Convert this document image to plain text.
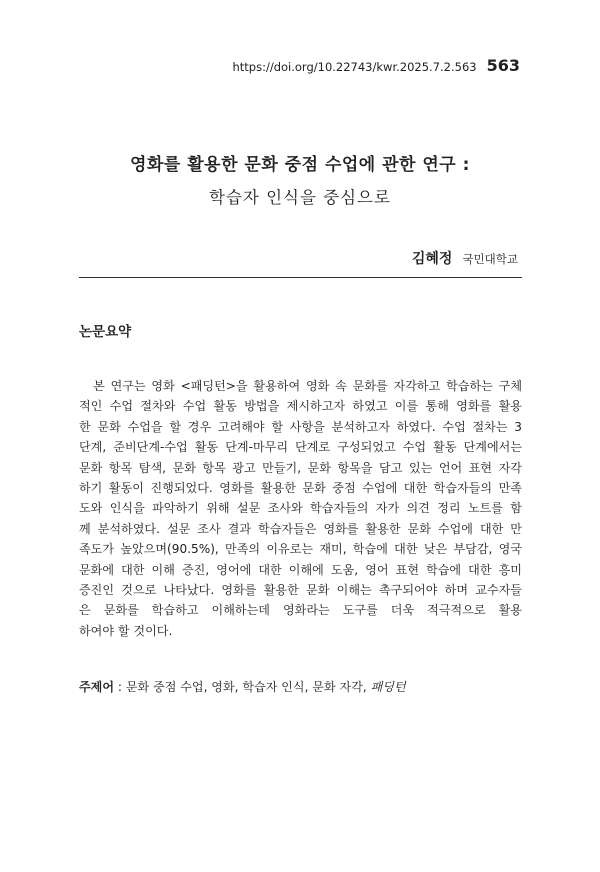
https://doi.org/10.22743/kwr.2025.7.2.563 563
영화를 활용한 문화 중점 수업에 관한 연구 :
학습자 인식을 중심으로
김혜정 국민대학교
논문요약
　본 연구는 영화 <패딩턴>을 활용하여 영화 속 문화를 자각하고 학습하는 구체
적인 수업 절차와 수업 활동 방법을 제시하고자 하였고 이를 통해 영화를 활용
한 문화 수업을 할 경우 고려해야 할 사항을 분석하고자 하였다. 수업 절차는 3
단계, 준비단계-수업 활동 단계-마무리 단계로 구성되었고 수업 활동 단계에서는
문화 항목 탐색, 문화 항목 광고 만들기, 문화 항목을 담고 있는 언어 표현 자각
하기 활동이 진행되었다. 영화를 활용한 문화 중점 수업에 대한 학습자들의 만족
도와 인식을 파악하기 위해 설문 조사와 학습자들의 자가 의견 정리 노트를 함
께 분석하였다. 설문 조사 결과 학습자들은 영화를 활용한 문화 수업에 대한 만
족도가 높았으며(90.5%), 만족의 이유로는 재미, 학습에 대한 낮은 부담감, 영국
문화에 대한 이해 증진, 영어에 대한 이해에 도움, 영어 표현 학습에 대한 흥미
증진인 것으로 나타났다. 영화를 활용한 문화 이해는 촉구되어야 하며 교수자들
은 문화를 학습하고 이해하는데 영화라는 도구를 더욱 적극적으로 활용
하여야 할 것이다.
주제어 : 문화 중점 수업, 영화, 학습자 인식, 문화 자각, 패딩턴
